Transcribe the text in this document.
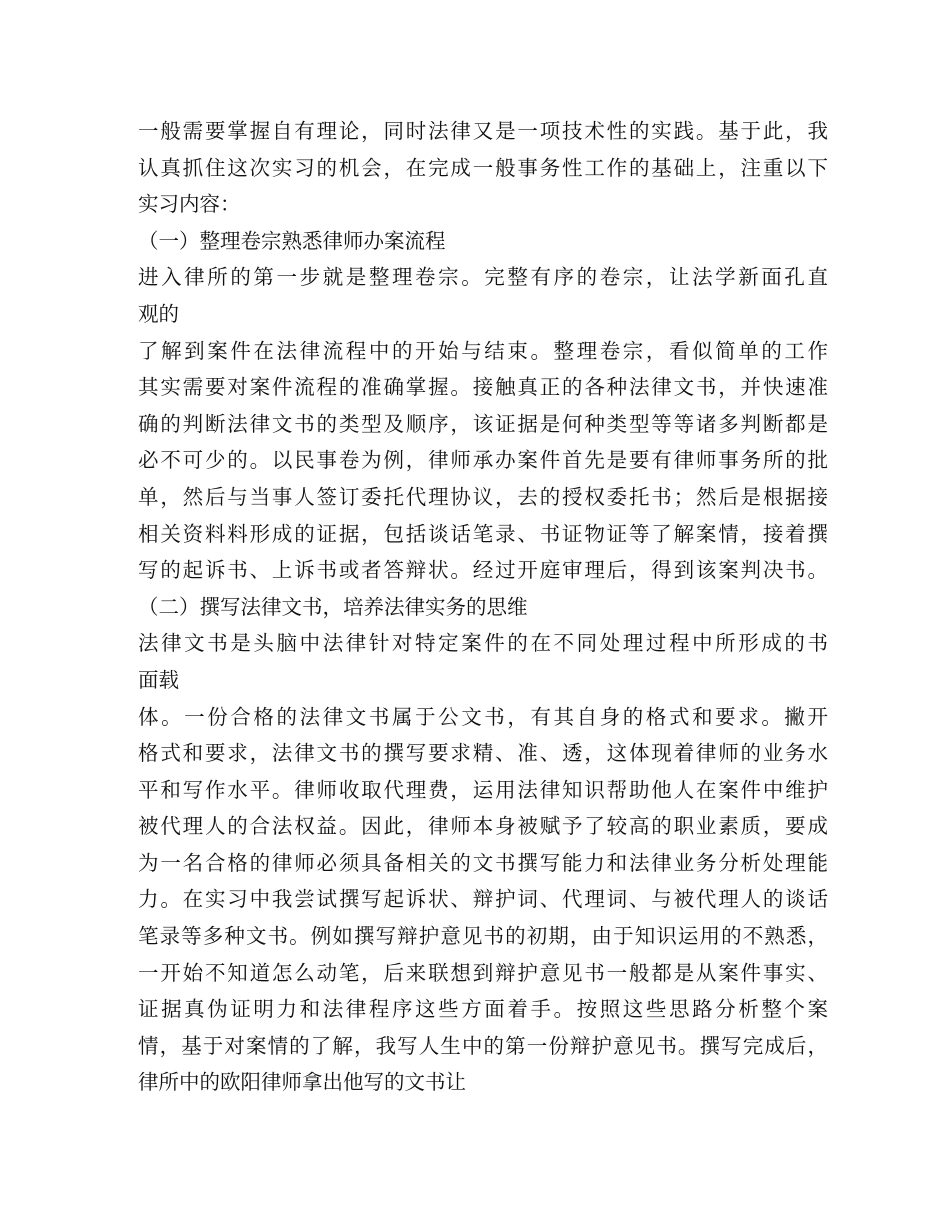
一般需要掌握自有理论，同时法律又是一项技术性的实践。基于此，我
认真抓住这次实习的机会，在完成一般事务性工作的基础上，注重以下
实习内容：
（一）整理卷宗熟悉律师办案流程
进入律所的第一步就是整理卷宗。完整有序的卷宗，让法学新面孔直
观的
了解到案件在法律流程中的开始与结束。整理卷宗，看似简单的工作
其实需要对案件流程的准确掌握。接触真正的各种法律文书，并快速准
确的判断法律文书的类型及顺序，该证据是何种类型等等诸多判断都是
必不可少的。以民事卷为例，律师承办案件首先是要有律师事务所的批
单，然后与当事人签订委托代理协议，去的授权委托书；然后是根据接
相关资料料形成的证据，包括谈话笔录、书证物证等了解案情，接着撰
写的起诉书、上诉书或者答辩状。经过开庭审理后，得到该案判决书。
（二）撰写法律文书，培养法律实务的思维
法律文书是头脑中法律针对特定案件的在不同处理过程中所形成的书
面载
体。一份合格的法律文书属于公文书，有其自身的格式和要求。撇开
格式和要求，法律文书的撰写要求精、准、透，这体现着律师的业务水
平和写作水平。律师收取代理费，运用法律知识帮助他人在案件中维护
被代理人的合法权益。因此，律师本身被赋予了较高的职业素质，要成
为一名合格的律师必须具备相关的文书撰写能力和法律业务分析处理能
力。在实习中我尝试撰写起诉状、辩护词、代理词、与被代理人的谈话
笔录等多种文书。例如撰写辩护意见书的初期，由于知识运用的不熟悉，
一开始不知道怎么动笔，后来联想到辩护意见书一般都是从案件事实、
证据真伪证明力和法律程序这些方面着手。按照这些思路分析整个案
情，基于对案情的了解，我写人生中的第一份辩护意见书。撰写完成后，
律所中的欧阳律师拿出他写的文书让
